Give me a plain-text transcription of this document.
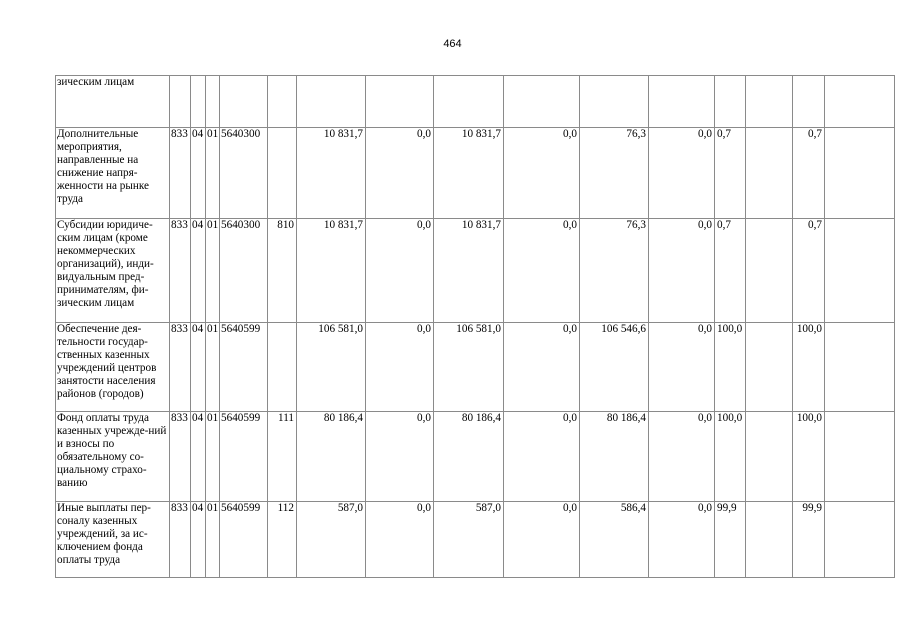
464
зическим лицам															
Дополнительные мероприятия, направленные на снижение напря-женности на рынке труда	833	04	01	5640300		10 831,7	0,0	10 831,7	0,0	76,3	0,0	0,7		0,7	
Субсидии юридиче-ским лицам (кроме некоммерческих организаций), инди-видуальным пред-принимателям, фи-зическим лицам	833	04	01	5640300	810	10 831,7	0,0	10 831,7	0,0	76,3	0,0	0,7		0,7	
Обеспечение дея-тельности государ-ственных казенных учреждений центров занятости населения районов (городов)	833	04	01	5640599		106 581,0	0,0	106 581,0	0,0	106 546,6	0,0	100,0		100,0	
Фонд оплаты труда казенных учрежде-ний и взносы по обязательному со-циальному страхо-ванию	833	04	01	5640599	111	80 186,4	0,0	80 186,4	0,0	80 186,4	0,0	100,0		100,0	
Иные выплаты пер-соналу казенных учреждений, за ис-ключением фонда оплаты труда	833	04	01	5640599	112	587,0	0,0	587,0	0,0	586,4	0,0	99,9		99,9	
